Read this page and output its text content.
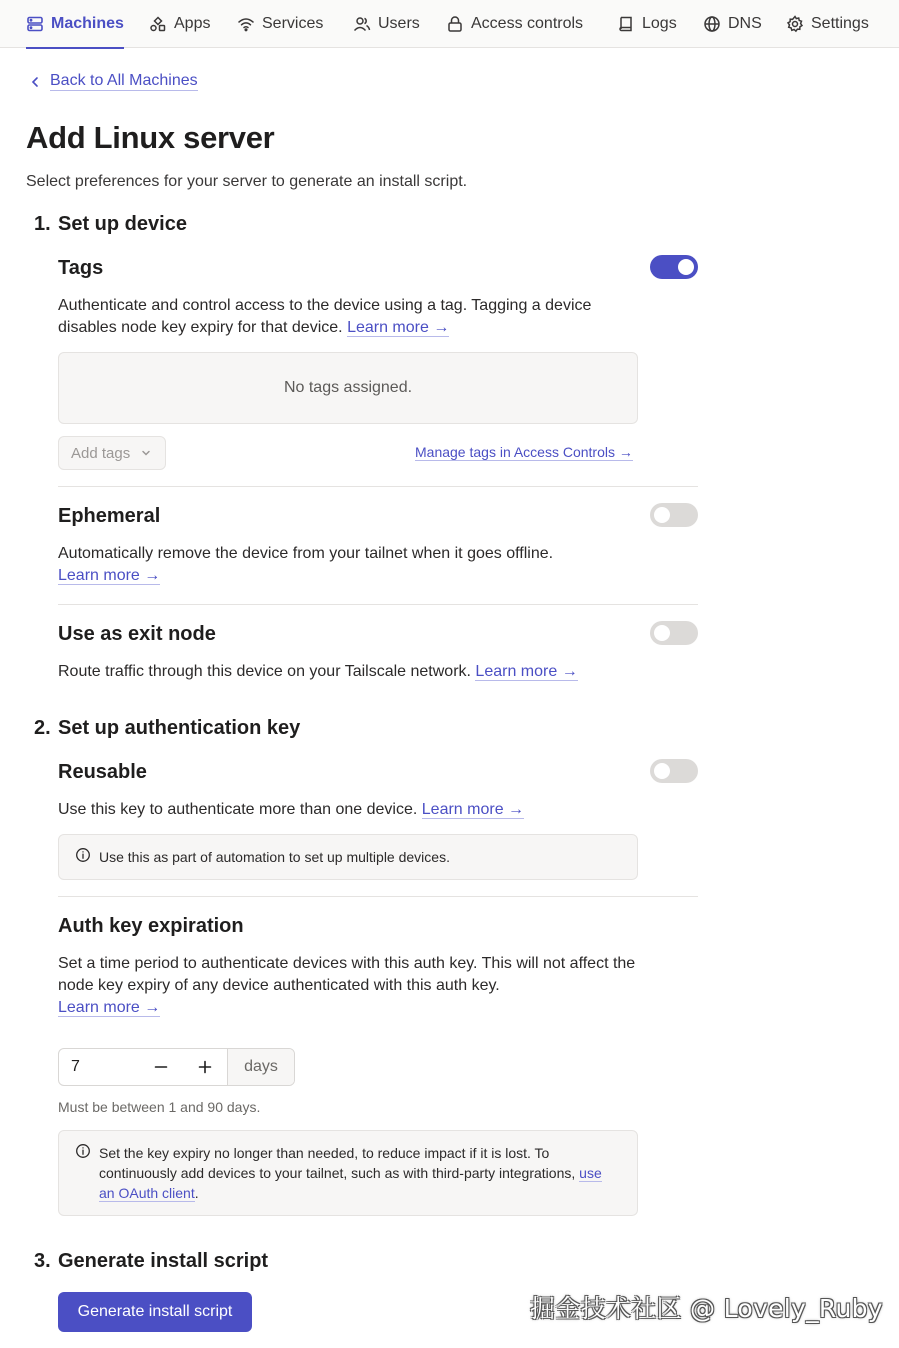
Machines	Apps	Services	Users	Access controls	Logs	DNS	Settings
Back to All Machines
Add Linux server
Select preferences for your server to generate an install script.
1. Set up device
Tags
Authenticate and control access to the device using a tag. Tagging a device disables node key expiry for that device. Learn more →
No tags assigned.
Add tags	Manage tags in Access Controls →
Ephemeral
Automatically remove the device from your tailnet when it goes offline.
Learn more →
Use as exit node
Route traffic through this device on your Tailscale network. Learn more →
2. Set up authentication key
Reusable
Use this key to authenticate more than one device. Learn more →
Use this as part of automation to set up multiple devices.
Auth key expiration
Set a time period to authenticate devices with this auth key. This will not affect the node key expiry of any device authenticated with this auth key.
Learn more →
7	days
Must be between 1 and 90 days.
Set the key expiry no longer than needed, to reduce impact if it is lost. To continuously add devices to your tailnet, such as with third-party integrations, use an OAuth client.
3. Generate install script
Generate install script	掘金技术社区 @ Lovely_Ruby
